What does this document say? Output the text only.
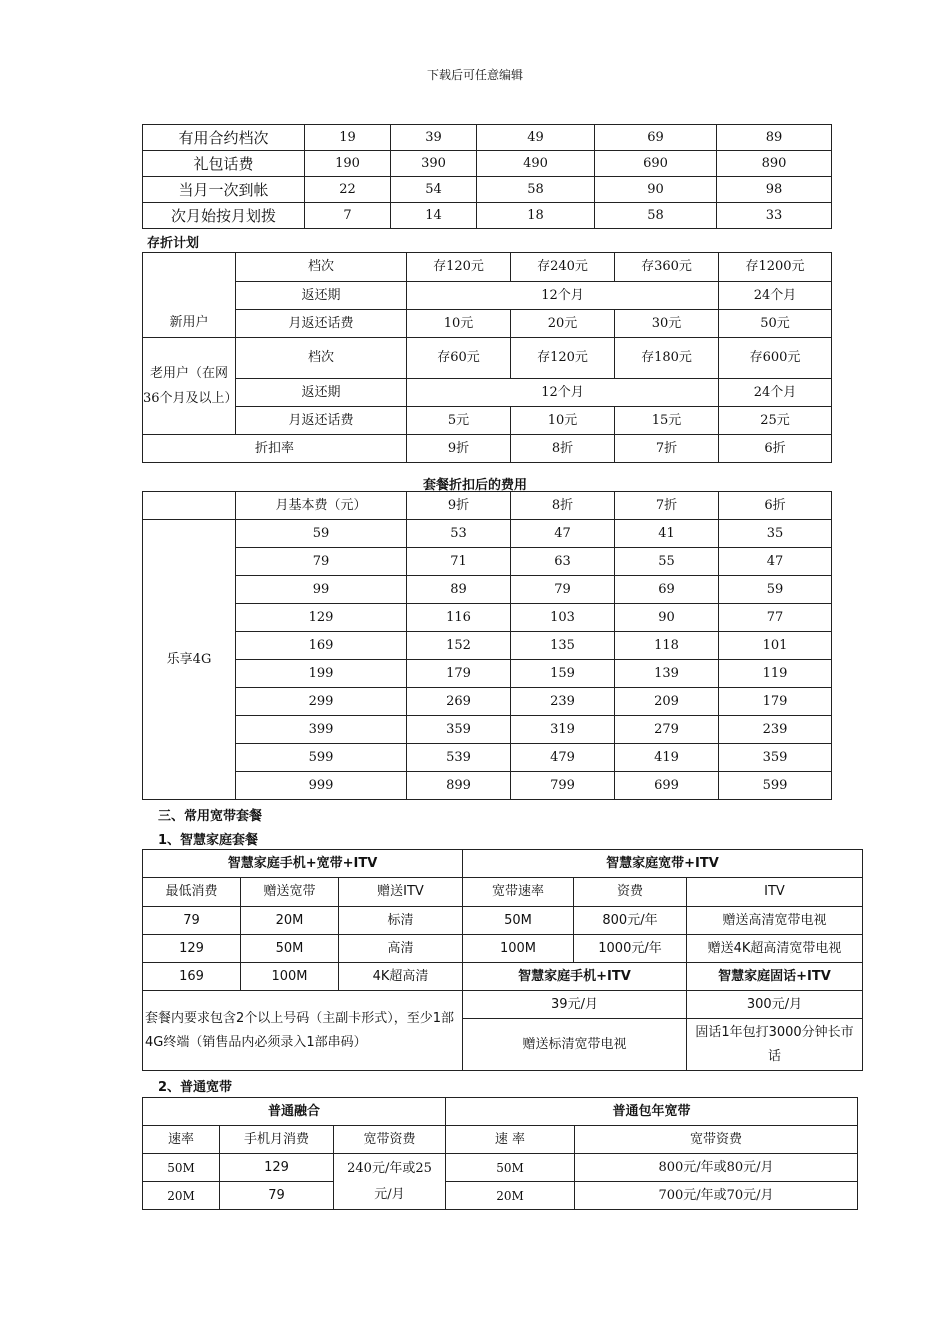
下载后可任意编辑
有用合约档次	19	39	49	69	89
礼包话费	190	390	490	690	890
当月一次到帐	22	54	58	90	98
次月始按月划拨	7	14	18	58	33
存折计划
	档次	存120元	存240元	存360元	存1200元
	返还期	12个月			24个月
新用户	月返还话费	10元	20元	30元	50元
老用户（在网36个月及以上）	档次	存60元	存120元	存180元	存600元
	返还期	12个月			24个月
	月返还话费	5元	10元	15元	25元
折扣率		9折	8折	7折	6折
套餐折扣后的费用
	月基本费（元）	9折	8折	7折	6折
乐享4G	59	53	47	41	35
	79	71	63	55	47
	99	89	79	69	59
	129	116	103	90	77
	169	152	135	118	101
	199	179	159	139	119
	299	269	239	209	179
	399	359	319	279	239
	599	539	479	419	359
	999	899	799	699	599
三、常用宽带套餐
1、智慧家庭套餐
智慧家庭手机+宽带+ITV			智慧家庭宽带+ITV		
最低消费	赠送宽带	赠送ITV	宽带速率	资费	ITV
79	20M	标清	50M	800元/年	赠送高清宽带电视
129	50M	高清	100M	1000元/年	赠送4K超高清宽带电视
169	100M	4K超高清	智慧家庭手机+ITV		智慧家庭固话+ITV
套餐内要求包含2个以上号码（主副卡形式），至少1部4G终端（销售品内必须录入1部串码）			39元/月		300元/月
			赠送标清宽带电视		固话1年包打3000分钟长市话
2、普通宽带
普通融合			普通包年宽带	
速率	手机月消费	宽带资费	速 率	宽带资费
50M	129	240元/年或25元/月	50M	800元/年或80元/月
20M	79		20M	700元/年或70元/月
